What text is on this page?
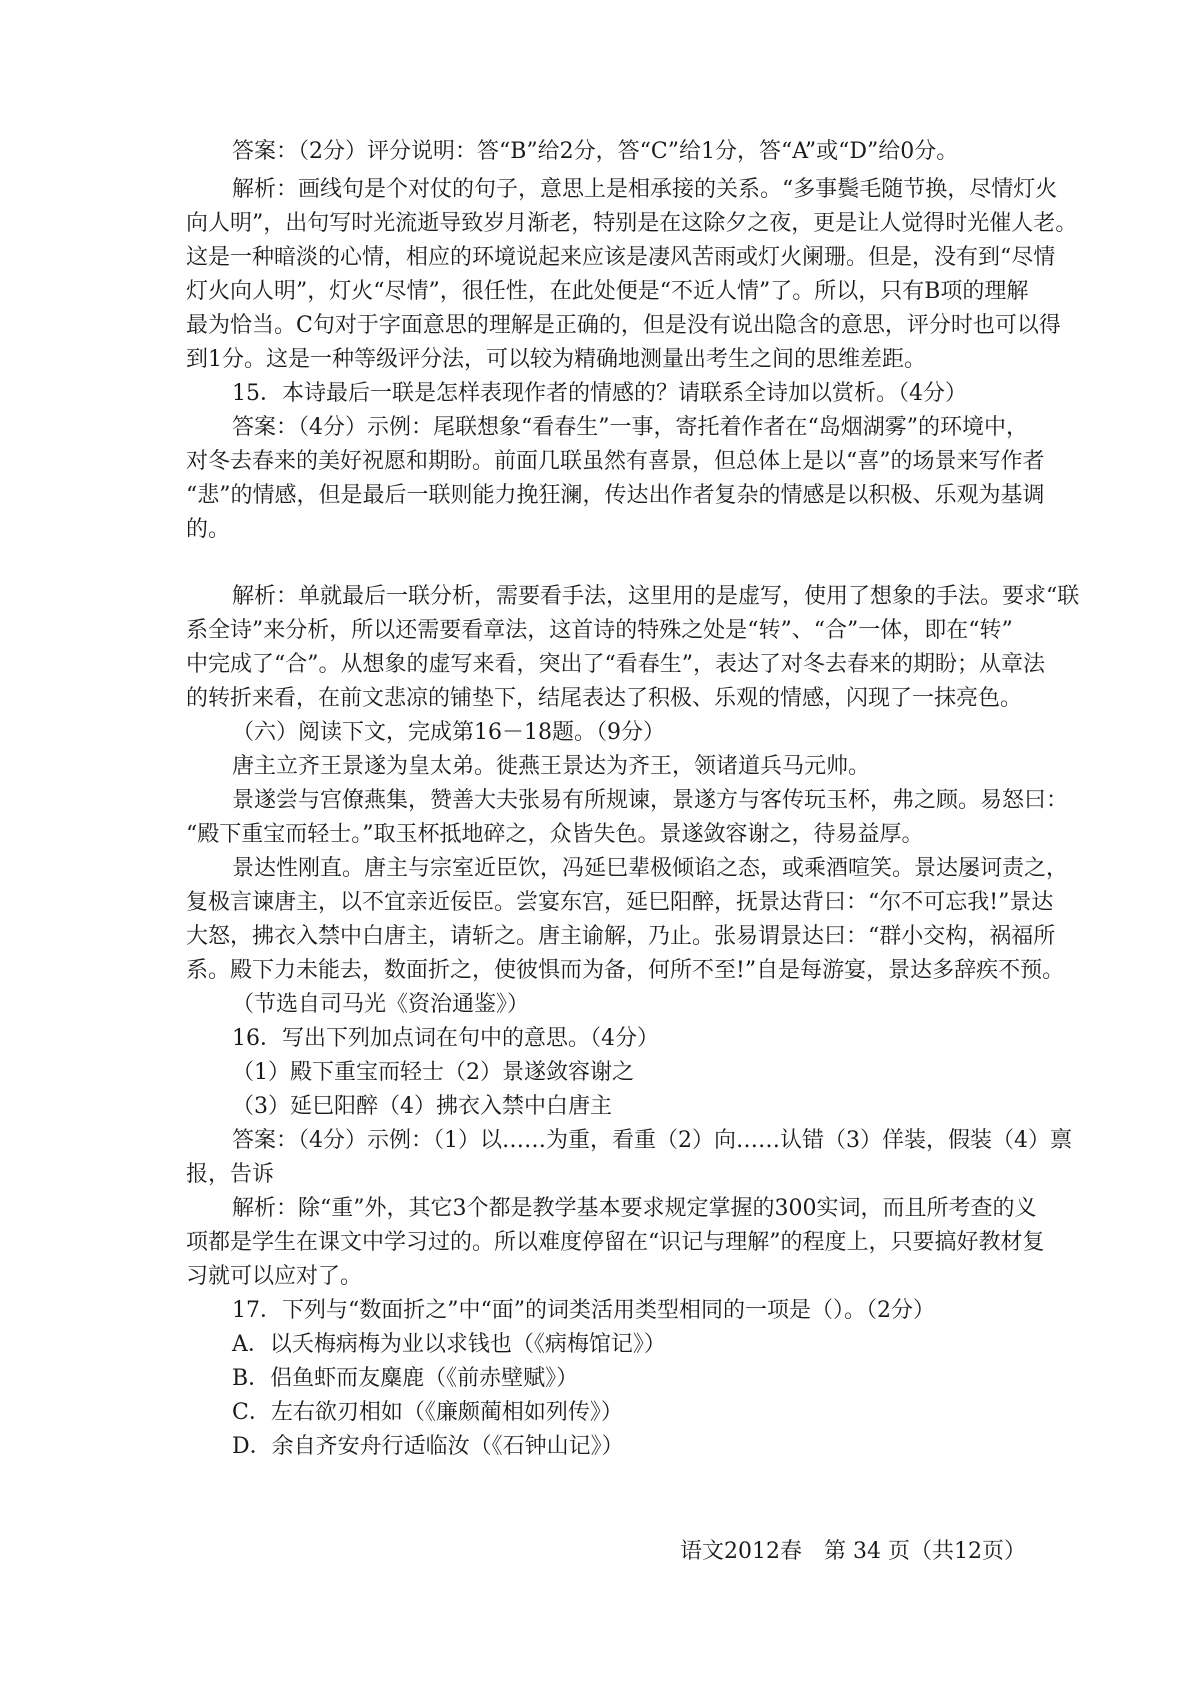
答案：（2分）评分说明：答“B”给2分，答“C”给1分，答“A”或“D”给0分。

解析：画线句是个对仗的句子，意思上是相承接的关系。“多事鬓毛随节换，尽情灯火

向人明”，出句写时光流逝导致岁月渐老，特别是在这除夕之夜，更是让人觉得时光催人老。

这是一种暗淡的心情，相应的环境说起来应该是凄风苦雨或灯火阑珊。但是，没有到“尽情

灯火向人明”，灯火“尽情”，很任性，在此处便是“不近人情”了。所以，只有B项的理解

最为恰当。C句对于字面意思的理解是正确的，但是没有说出隐含的意思，评分时也可以得

到1分。这是一种等级评分法，可以较为精确地测量出考生之间的思维差距。

15．本诗最后一联是怎样表现作者的情感的？请联系全诗加以赏析。（4分）

答案：（4分）示例：尾联想象“看春生”一事，寄托着作者在“岛烟湖雾”的环境中，

对冬去春来的美好祝愿和期盼。前面几联虽然有喜景，但总体上是以“喜”的场景来写作者

“悲”的情感，但是最后一联则能力挽狂澜，传达出作者复杂的情感是以积极、乐观为基调

的。

解析：单就最后一联分析，需要看手法，这里用的是虚写，使用了想象的手法。要求“联

系全诗”来分析，所以还需要看章法，这首诗的特殊之处是“转”、“合”一体，即在“转”

中完成了“合”。从想象的虚写来看，突出了“看春生”，表达了对冬去春来的期盼；从章法

的转折来看，在前文悲凉的铺垫下，结尾表达了积极、乐观的情感，闪现了一抹亮色。

（六）阅读下文，完成第16－18题。（9分）

唐主立齐王景遂为皇太弟。徙燕王景达为齐王，领诸道兵马元帅。

景遂尝与宫僚燕集，赞善大夫张易有所规谏，景遂方与客传玩玉杯，弗之顾。易怒曰：

“殿下重宝而轻士。”取玉杯抵地碎之，众皆失色。景遂敛容谢之，待易益厚。

景达性刚直。唐主与宗室近臣饮，冯延巳辈极倾谄之态，或乘酒喧笑。景达屡诃责之，

复极言谏唐主，以不宜亲近佞臣。尝宴东宫，延巳阳醉，抚景达背曰：“尔不可忘我!”景达

大怒，拂衣入禁中白唐主，请斩之。唐主谕解，乃止。张易谓景达曰：“群小交构，祸福所

系。殿下力未能去，数面折之，使彼惧而为备，何所不至!”自是每游宴，景达多辞疾不预。

（节选自司马光《资治通鉴》）

16．写出下列加点词在句中的意思。（4分）

（1）殿下重宝而轻士（2）景遂敛容谢之

（3）延巳阳醉（4）拂衣入禁中白唐主

答案：（4分）示例：（1）以……为重，看重（2）向……认错（3）佯装，假装（4）禀

报，告诉

解析：除“重”外，其它3个都是教学基本要求规定掌握的300实词，而且所考查的义

项都是学生在课文中学习过的。所以难度停留在“识记与理解”的程度上，只要搞好教材复

习就可以应对了。

17．下列与“数面折之”中“面”的词类活用类型相同的一项是（）。（2分）

A．以夭梅病梅为业以求钱也（《病梅馆记》）

B．侣鱼虾而友麋鹿（《前赤壁赋》）

C．左右欲刃相如（《廉颇蔺相如列传》）

D．余自齐安舟行适临汝（《石钟山记》）

语文2012春　第 34 页（共12页）
